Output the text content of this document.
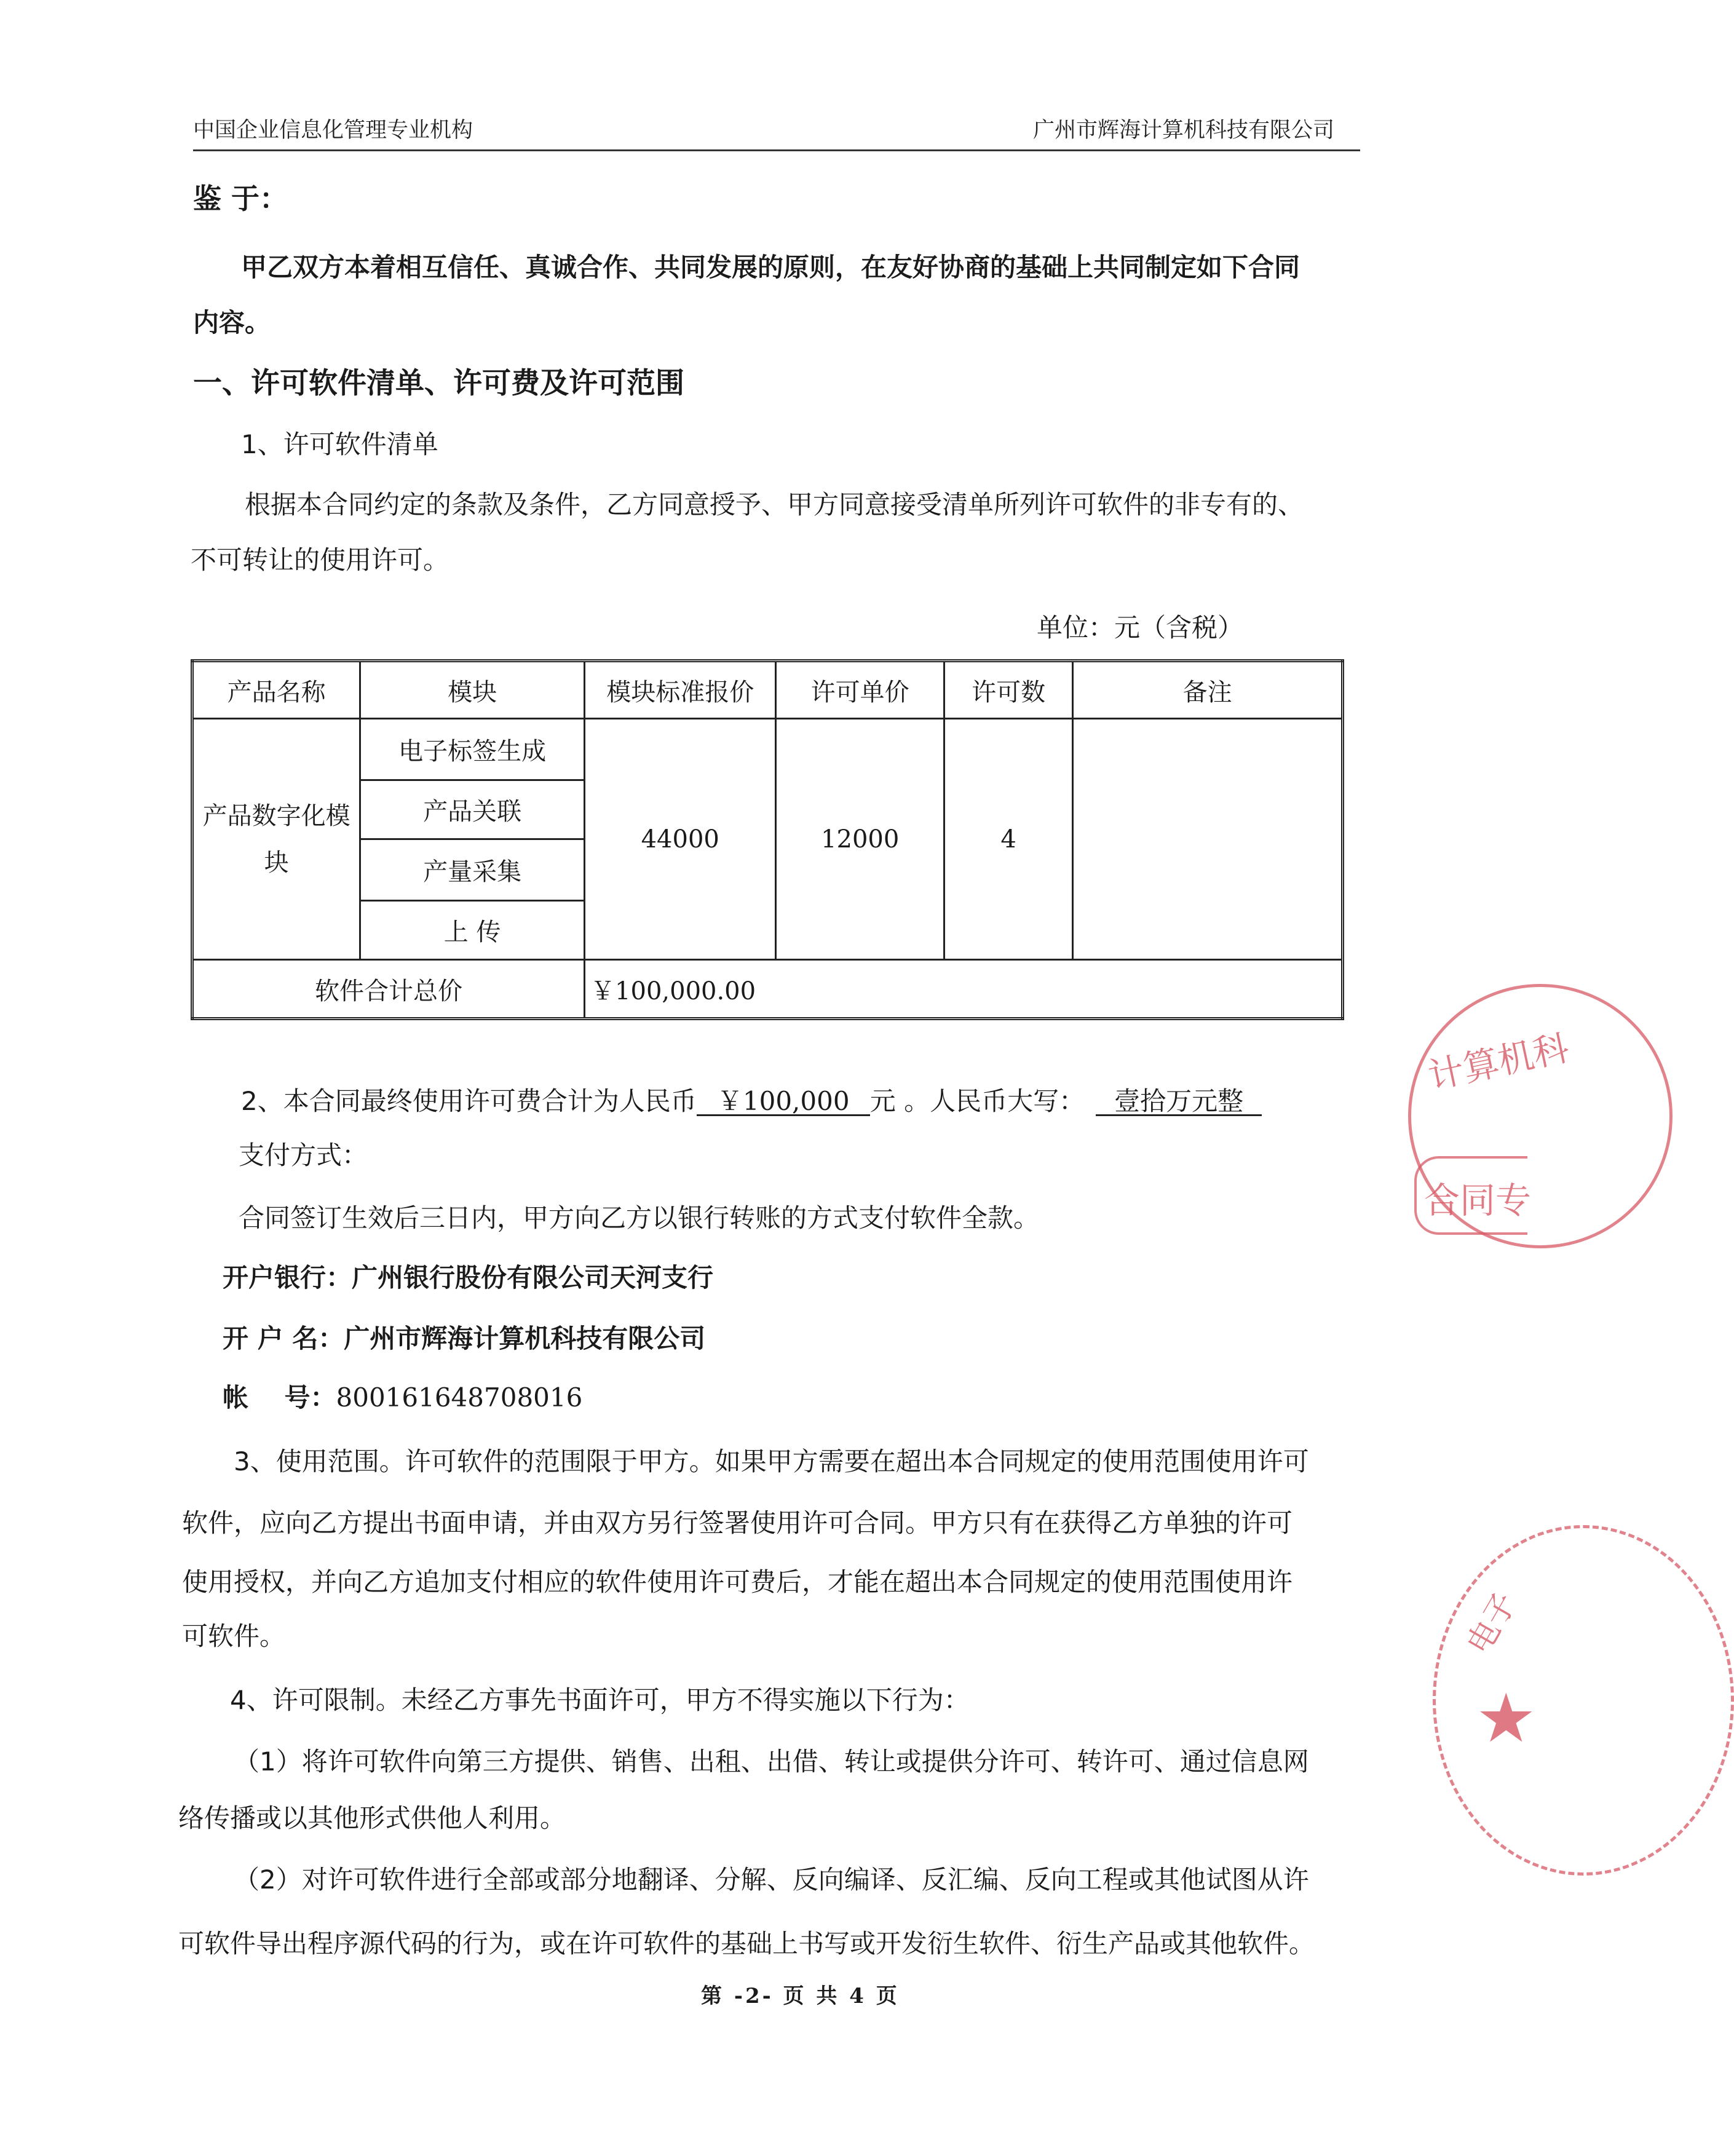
中国企业信息化管理专业机构	广州市辉海计算机科技有限公司
鉴 于：
甲乙双方本着相互信任、真诚合作、共同发展的原则，在友好协商的基础上共同制定如下合同
内容。
一、许可软件清单、许可费及许可范围
1、许可软件清单
根据本合同约定的条款及条件，乙方同意授予、甲方同意接受清单所列许可软件的非专有的、
不可转让的使用许可。
单位：元（含税）
产品名称	模块	模块标准报价	许可单价	许可数	备注
产品数字化模
块	电子标签生成	44000	12000	4	
	产品关联				
	产量采集				
	上 传				
软件合计总价		￥100,000.00			
2、本合同最终使用许可费合计为人民币 ￥100,000 元 。人民币大写： 壹拾万元整
支付方式：
合同签订生效后三日内，甲方向乙方以银行转账的方式支付软件全款。
开户银行：广州银行股份有限公司天河支行
开 户 名：广州市辉海计算机科技有限公司
帐    号：800161648708016
3、使用范围。许可软件的范围限于甲方。如果甲方需要在超出本合同规定的使用范围使用许可
软件，应向乙方提出书面申请，并由双方另行签署使用许可合同。甲方只有在获得乙方单独的许可
使用授权，并向乙方追加支付相应的软件使用许可费后，才能在超出本合同规定的使用范围使用许
可软件。
4、许可限制。未经乙方事先书面许可，甲方不得实施以下行为：
（1）将许可软件向第三方提供、销售、出租、出借、转让或提供分许可、转许可、通过信息网
络传播或以其他形式供他人利用。
（2）对许可软件进行全部或部分地翻译、分解、反向编译、反汇编、反向工程或其他试图从许
可软件导出程序源代码的行为，或在许可软件的基础上书写或开发衍生软件、衍生产品或其他软件。
第 -2- 页 共 4 页
计算机科
合同专
电子
★
